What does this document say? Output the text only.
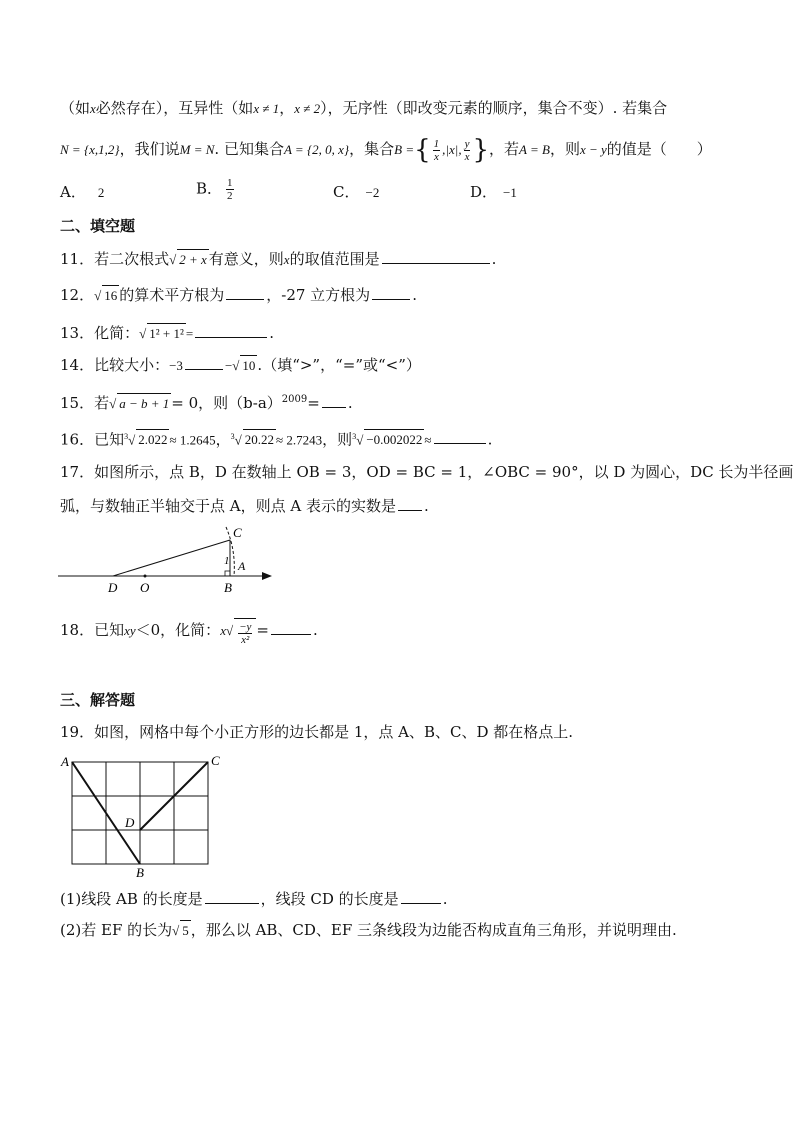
（如x必然存在），互异性（如x ≠ 1，x ≠ 2），无序性（即改变元素的顺序，集合不变）. 若集合
N = {x,1,2}，我们说M = N. 已知集合A = {2, 0, x}，集合B ={ $\frac{1}{x} ,|x|$, $\frac{y}{x}$ }，若A = B，则x − y的值是（　　）
A． 2	B． $\frac{1}{2}$	C． −2	D． −1
二、填空题
11．若二次根式√ 2 + x 有意义，则x的取值范围是	.
12．√ 16 的算术平方根为	，-27 立方根为	.
13．化简：√ 1² + 1² =	.
14．比较大小：−3	−√ 10 .（填“>”，“=”或“<”）
15．若√ a − b + 1 = 0，则$(b-a)^{2009}=$ .
16．已知$^3$√ 2.022 ≈ 1.2645，$^3$√ 20.22 ≈ 2.7243，则$^3$√ −0.002022 ≈	.
17．如图所示，点 B，D 在数轴上 OB = 3，OD = BC = 1，∠OBC = 90°，以 D 为圆心，DC 长为半径画
弧，与数轴正半轴交于点 A，则点 A 表示的实数是 .
C
1 A
D O	B
18．已知xy＜0，化简：$x√ \frac{-y}{\text{x²}}$ =	.
三、解答题
19．如图，网格中每个小正方形的边长都是 1，点 A、B、C、D 都在格点上.
A	C
D
B
(1)线段 AB 的长度是	，线段 CD 的长度是	.
(2)若 EF 的长为√ 5 ，那么以 AB、CD、EF 三条线段为边能否构成直角三角形，并说明理由.
